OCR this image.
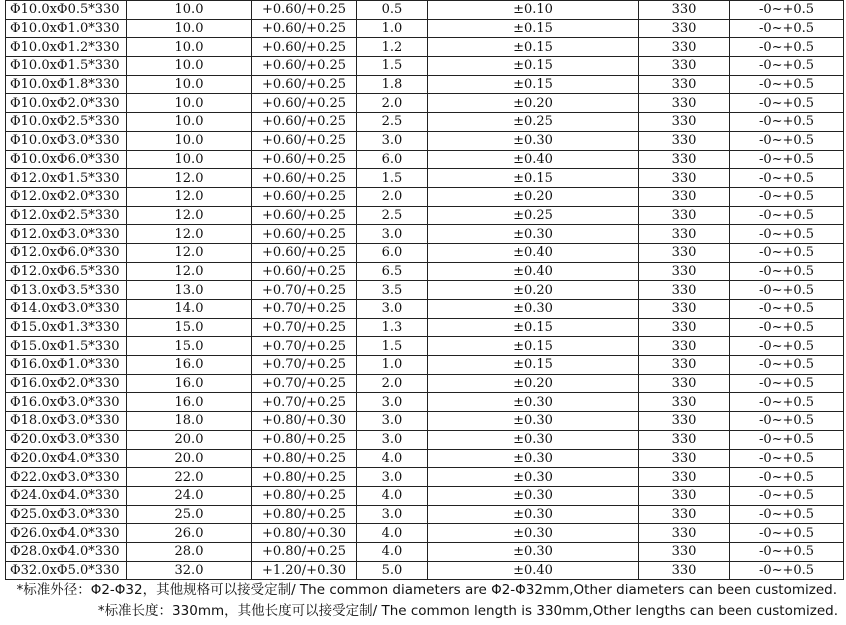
Φ10.0xΦ0.5*330	10.0	+0.60/+0.25	0.5	±0.10	330	-0~+0.5
Φ10.0xΦ1.0*330	10.0	+0.60/+0.25	1.0	±0.15	330	-0~+0.5
Φ10.0xΦ1.2*330	10.0	+0.60/+0.25	1.2	±0.15	330	-0~+0.5
Φ10.0xΦ1.5*330	10.0	+0.60/+0.25	1.5	±0.15	330	-0~+0.5
Φ10.0xΦ1.8*330	10.0	+0.60/+0.25	1.8	±0.15	330	-0~+0.5
Φ10.0xΦ2.0*330	10.0	+0.60/+0.25	2.0	±0.20	330	-0~+0.5
Φ10.0xΦ2.5*330	10.0	+0.60/+0.25	2.5	±0.25	330	-0~+0.5
Φ10.0xΦ3.0*330	10.0	+0.60/+0.25	3.0	±0.30	330	-0~+0.5
Φ10.0xΦ6.0*330	10.0	+0.60/+0.25	6.0	±0.40	330	-0~+0.5
Φ12.0xΦ1.5*330	12.0	+0.60/+0.25	1.5	±0.15	330	-0~+0.5
Φ12.0xΦ2.0*330	12.0	+0.60/+0.25	2.0	±0.20	330	-0~+0.5
Φ12.0xΦ2.5*330	12.0	+0.60/+0.25	2.5	±0.25	330	-0~+0.5
Φ12.0xΦ3.0*330	12.0	+0.60/+0.25	3.0	±0.30	330	-0~+0.5
Φ12.0xΦ6.0*330	12.0	+0.60/+0.25	6.0	±0.40	330	-0~+0.5
Φ12.0xΦ6.5*330	12.0	+0.60/+0.25	6.5	±0.40	330	-0~+0.5
Φ13.0xΦ3.5*330	13.0	+0.70/+0.25	3.5	±0.20	330	-0~+0.5
Φ14.0xΦ3.0*330	14.0	+0.70/+0.25	3.0	±0.30	330	-0~+0.5
Φ15.0xΦ1.3*330	15.0	+0.70/+0.25	1.3	±0.15	330	-0~+0.5
Φ15.0xΦ1.5*330	15.0	+0.70/+0.25	1.5	±0.15	330	-0~+0.5
Φ16.0xΦ1.0*330	16.0	+0.70/+0.25	1.0	±0.15	330	-0~+0.5
Φ16.0xΦ2.0*330	16.0	+0.70/+0.25	2.0	±0.20	330	-0~+0.5
Φ16.0xΦ3.0*330	16.0	+0.70/+0.25	3.0	±0.30	330	-0~+0.5
Φ18.0xΦ3.0*330	18.0	+0.80/+0.30	3.0	±0.30	330	-0~+0.5
Φ20.0xΦ3.0*330	20.0	+0.80/+0.25	3.0	±0.30	330	-0~+0.5
Φ20.0xΦ4.0*330	20.0	+0.80/+0.25	4.0	±0.30	330	-0~+0.5
Φ22.0xΦ3.0*330	22.0	+0.80/+0.25	3.0	±0.30	330	-0~+0.5
Φ24.0xΦ4.0*330	24.0	+0.80/+0.25	4.0	±0.30	330	-0~+0.5
Φ25.0xΦ3.0*330	25.0	+0.80/+0.25	3.0	±0.30	330	-0~+0.5
Φ26.0xΦ4.0*330	26.0	+0.80/+0.30	4.0	±0.30	330	-0~+0.5
Φ28.0xΦ4.0*330	28.0	+0.80/+0.25	4.0	±0.30	330	-0~+0.5
Φ32.0xΦ5.0*330	32.0	+1.20/+0.30	5.0	±0.40	330	-0~+0.5
*标准外径：Φ2-Φ32，其他规格可以接受定制/ The common diameters are Φ2-Φ32mm,Other diameters can been customized.
*标准长度：330mm，其他长度可以接受定制/ The common length is 330mm,Other lengths can been customized.
